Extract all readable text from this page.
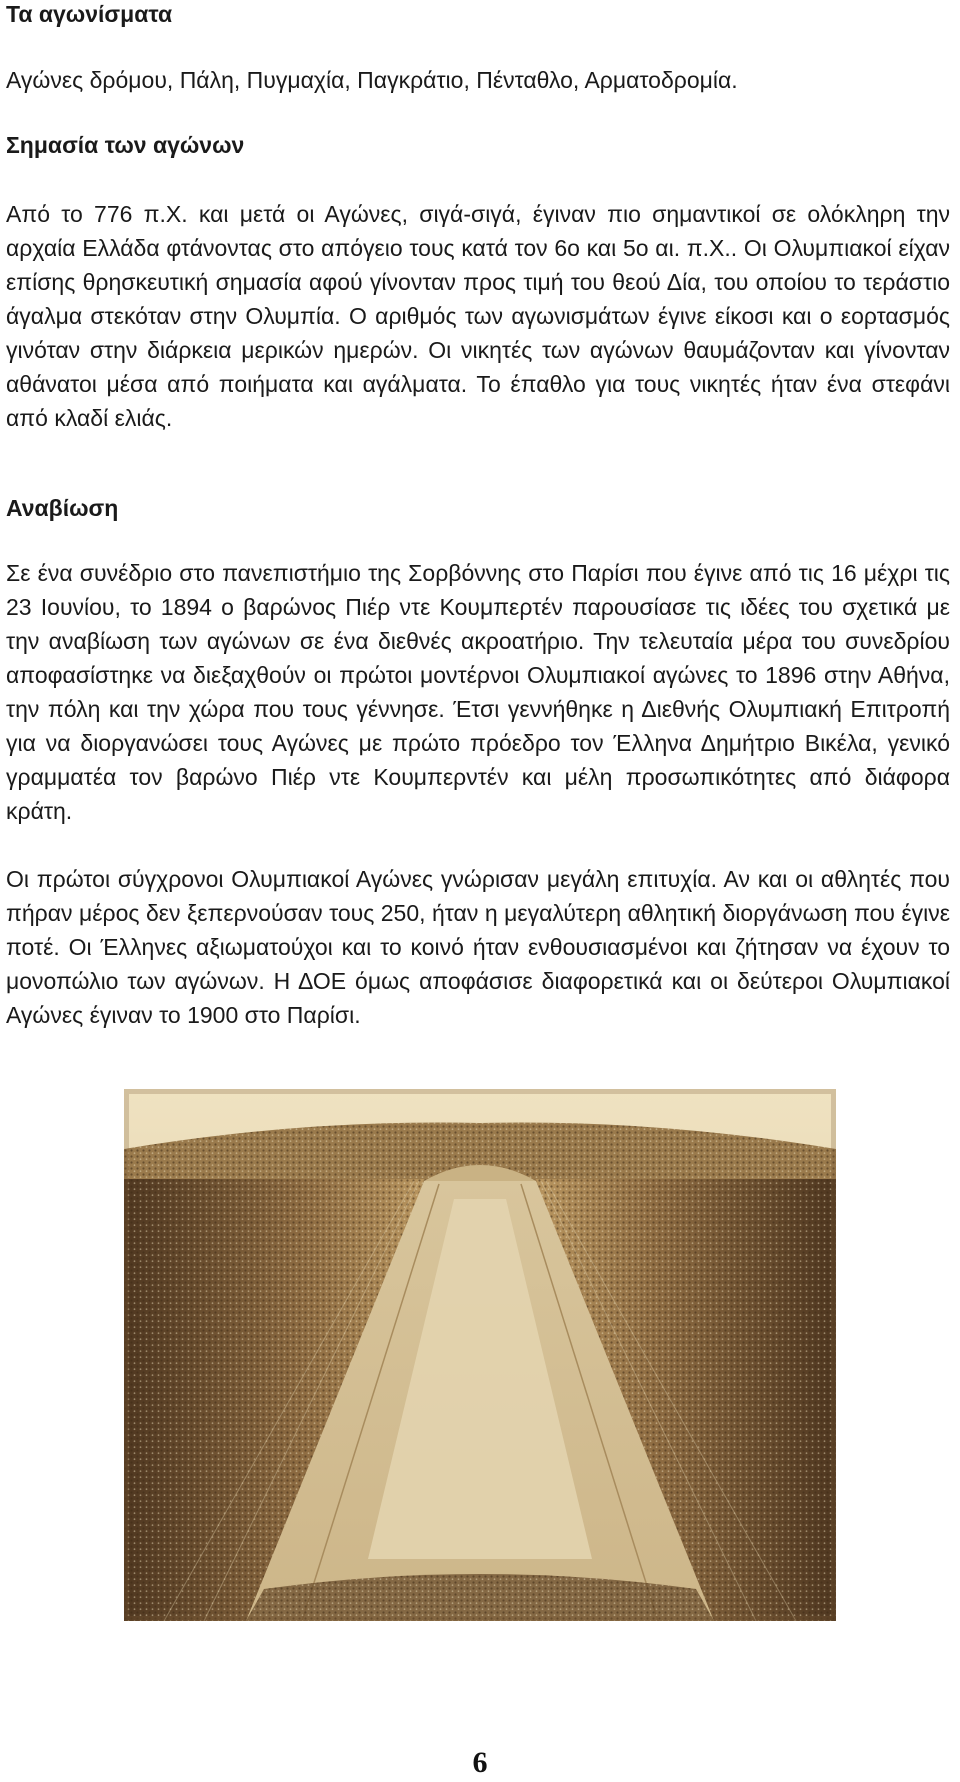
Τα αγωνίσματα

Αγώνες δρόμου, Πάλη, Πυγμαχία, Παγκράτιο, Πένταθλο, Αρματοδρομία.

Σημασία των αγώνων

Από το 776 π.Χ. και μετά οι Αγώνες, σιγά-σιγά, έγιναν πιο σημαντικοί σε ολόκληρη την αρχαία Ελλάδα φτάνοντας στο απόγειο τους κατά τον 6ο και 5ο αι. π.Χ.. Οι Ολυμπιακοί είχαν επίσης θρησκευτική σημασία αφού γίνονταν προς τιμή του θεού Δία, του οποίου το τεράστιο άγαλμα στεκόταν στην Ολυμπία. Ο αριθμός των αγωνισμάτων έγινε είκοσι και ο εορτασμός γινόταν στην διάρκεια μερικών ημερών. Οι νικητές των αγώνων θαυμάζονταν και γίνονταν αθάνατοι μέσα από ποιήματα και αγάλματα. Το έπαθλο για τους νικητές ήταν ένα στεφάνι από κλαδί ελιάς.

Αναβίωση

Σε ένα συνέδριο στο πανεπιστήμιο της Σορβόννης στο Παρίσι που έγινε από τις 16 μέχρι τις 23 Ιουνίου, το 1894 ο βαρώνος Πιέρ ντε Κουμπερτέν παρουσίασε τις ιδέες του σχετικά με την αναβίωση των αγώνων σε ένα διεθνές ακροατήριο. Την τελευταία μέρα του συνεδρίου αποφασίστηκε να διεξαχθούν οι πρώτοι μοντέρνοι Ολυμπιακοί αγώνες το 1896 στην Αθήνα, την πόλη και την χώρα που τους γέννησε. Έτσι γεννήθηκε η Διεθνής Ολυμπιακή Επιτροπή για να διοργανώσει τους Αγώνες με πρώτο πρόεδρο τον Έλληνα Δημήτριο Βικέλα, γενικό γραμματέα τον βαρώνο Πιέρ ντε Κουμπερντέν και μέλη προσωπικότητες από διάφορα κράτη.

Οι πρώτοι σύγχρονοι Ολυμπιακοί Αγώνες γνώρισαν μεγάλη επιτυχία. Αν και οι αθλητές που πήραν μέρος δεν ξεπερνούσαν τους 250, ήταν η μεγαλύτερη αθλητική διοργάνωση που έγινε ποτέ. Οι Έλληνες αξιωματούχοι και το κοινό ήταν ενθουσιασμένοι και ζήτησαν να έχουν το μονοπώλιο των αγώνων. Η ΔΟΕ όμως αποφάσισε διαφορετικά και οι δεύτεροι Ολυμπιακοί Αγώνες έγιναν το 1900 στο Παρίσι.

6
